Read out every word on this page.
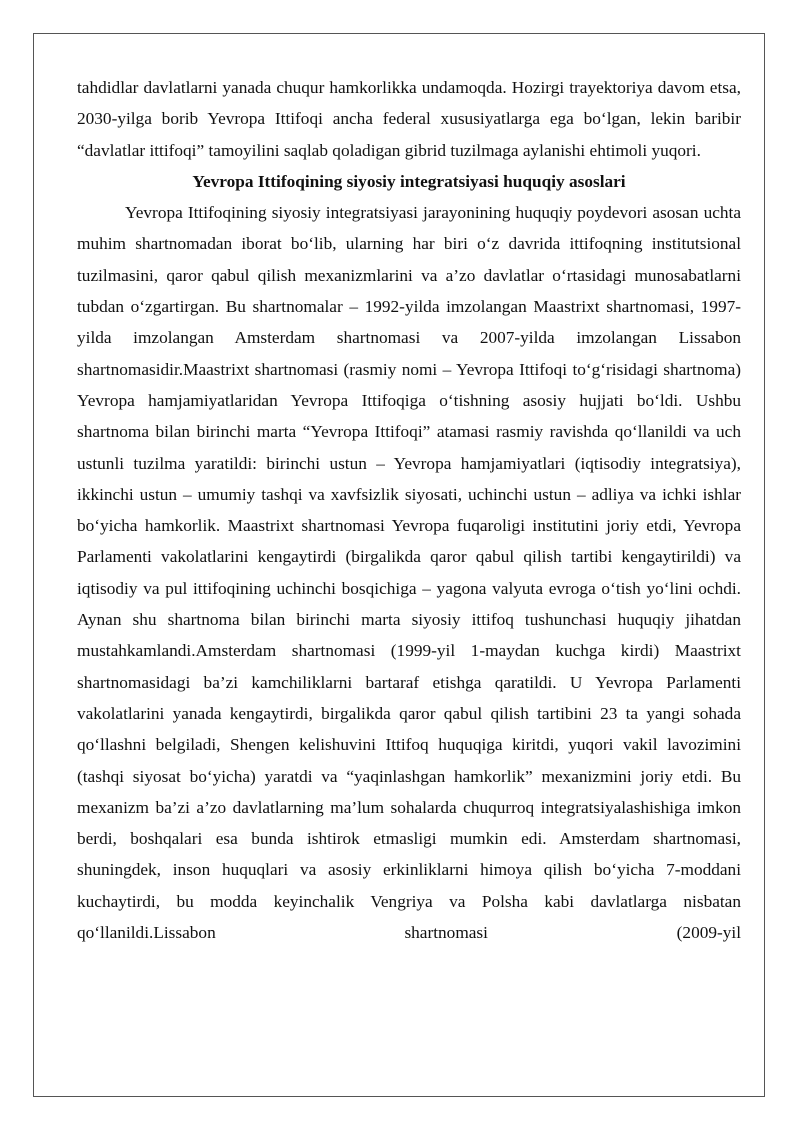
tahdidlar davlatlarni yanada chuqur hamkorlikka undamoqda. Hozirgi trayektoriya davom etsa, 2030-yilga borib Yevropa Ittifoqi ancha federal xususiyatlarga ega bo‘lgan, lekin baribir “davlatlar ittifoqi” tamoyilini saqlab qoladigan gibrid tuzilmaga aylanishi ehtimoli yuqori.

Yevropa Ittifoqining siyosiy integratsiyasi huquqiy asoslari

Yevropa Ittifoqining siyosiy integratsiyasi jarayonining huquqiy poydevori asosan uchta muhim shartnomadan iborat bo‘lib, ularning har biri o‘z davrida ittifoqning institutsional tuzilmasini, qaror qabul qilish mexanizmlarini va a’zo davlatlar o‘rtasidagi munosabatlarni tubdan o‘zgartirgan. Bu shartnomalar – 1992-yilda imzolangan Maastrixt shartnomasi, 1997-yilda imzolangan Amsterdam shartnomasi va 2007-yilda imzolangan Lissabon shartnomasidir.Maastrixt shartnomasi (rasmiy nomi – Yevropa Ittifoqi to‘g‘risidagi shartnoma) Yevropa hamjamiyatlaridan Yevropa Ittifoqiga o‘tishning asosiy hujjati bo‘ldi. Ushbu shartnoma bilan birinchi marta “Yevropa Ittifoqi” atamasi rasmiy ravishda qo‘llanildi va uch ustunli tuzilma yaratildi: birinchi ustun – Yevropa hamjamiyatlari (iqtisodiy integratsiya), ikkinchi ustun – umumiy tashqi va xavfsizlik siyosati, uchinchi ustun – adliya va ichki ishlar bo‘yicha hamkorlik. Maastrixt shartnomasi Yevropa fuqaroligi institutini joriy etdi, Yevropa Parlamenti vakolatlarini kengaytirdi (birgalikda qaror qabul qilish tartibi kengaytirildi) va iqtisodiy va pul ittifoqining uchinchi bosqichiga – yagona valyuta evroga o‘tish yo‘lini ochdi. Aynan shu shartnoma bilan birinchi marta siyosiy ittifoq tushunchasi huquqiy jihatdan mustahkamlandi.Amsterdam shartnomasi (1999-yil 1-maydan kuchga kirdi) Maastrixt shartnomasidagi ba’zi kamchiliklarni bartaraf etishga qaratildi. U Yevropa Parlamenti vakolatlarini yanada kengaytirdi, birgalikda qaror qabul qilish tartibini 23 ta yangi sohada qo‘llashni belgiladi, Shengen kelishuvini Ittifoq huquqiga kiritdi, yuqori vakil lavozimini (tashqi siyosat bo‘yicha) yaratdi va “yaqinlashgan hamkorlik” mexanizmini joriy etdi. Bu mexanizm ba’zi a’zo davlatlarning ma’lum sohalarda chuqurroq integratsiyalashishiga imkon berdi, boshqalari esa bunda ishtirok etmasligi mumkin edi. Amsterdam shartnomasi, shuningdek, inson huquqlari va asosiy erkinliklarni himoya qilish bo‘yicha 7-moddani kuchaytirdi, bu modda keyinchalik Vengriya va Polsha kabi davlatlarga nisbatan qo‘llanildi.Lissabon shartnomasi (2009-yil
